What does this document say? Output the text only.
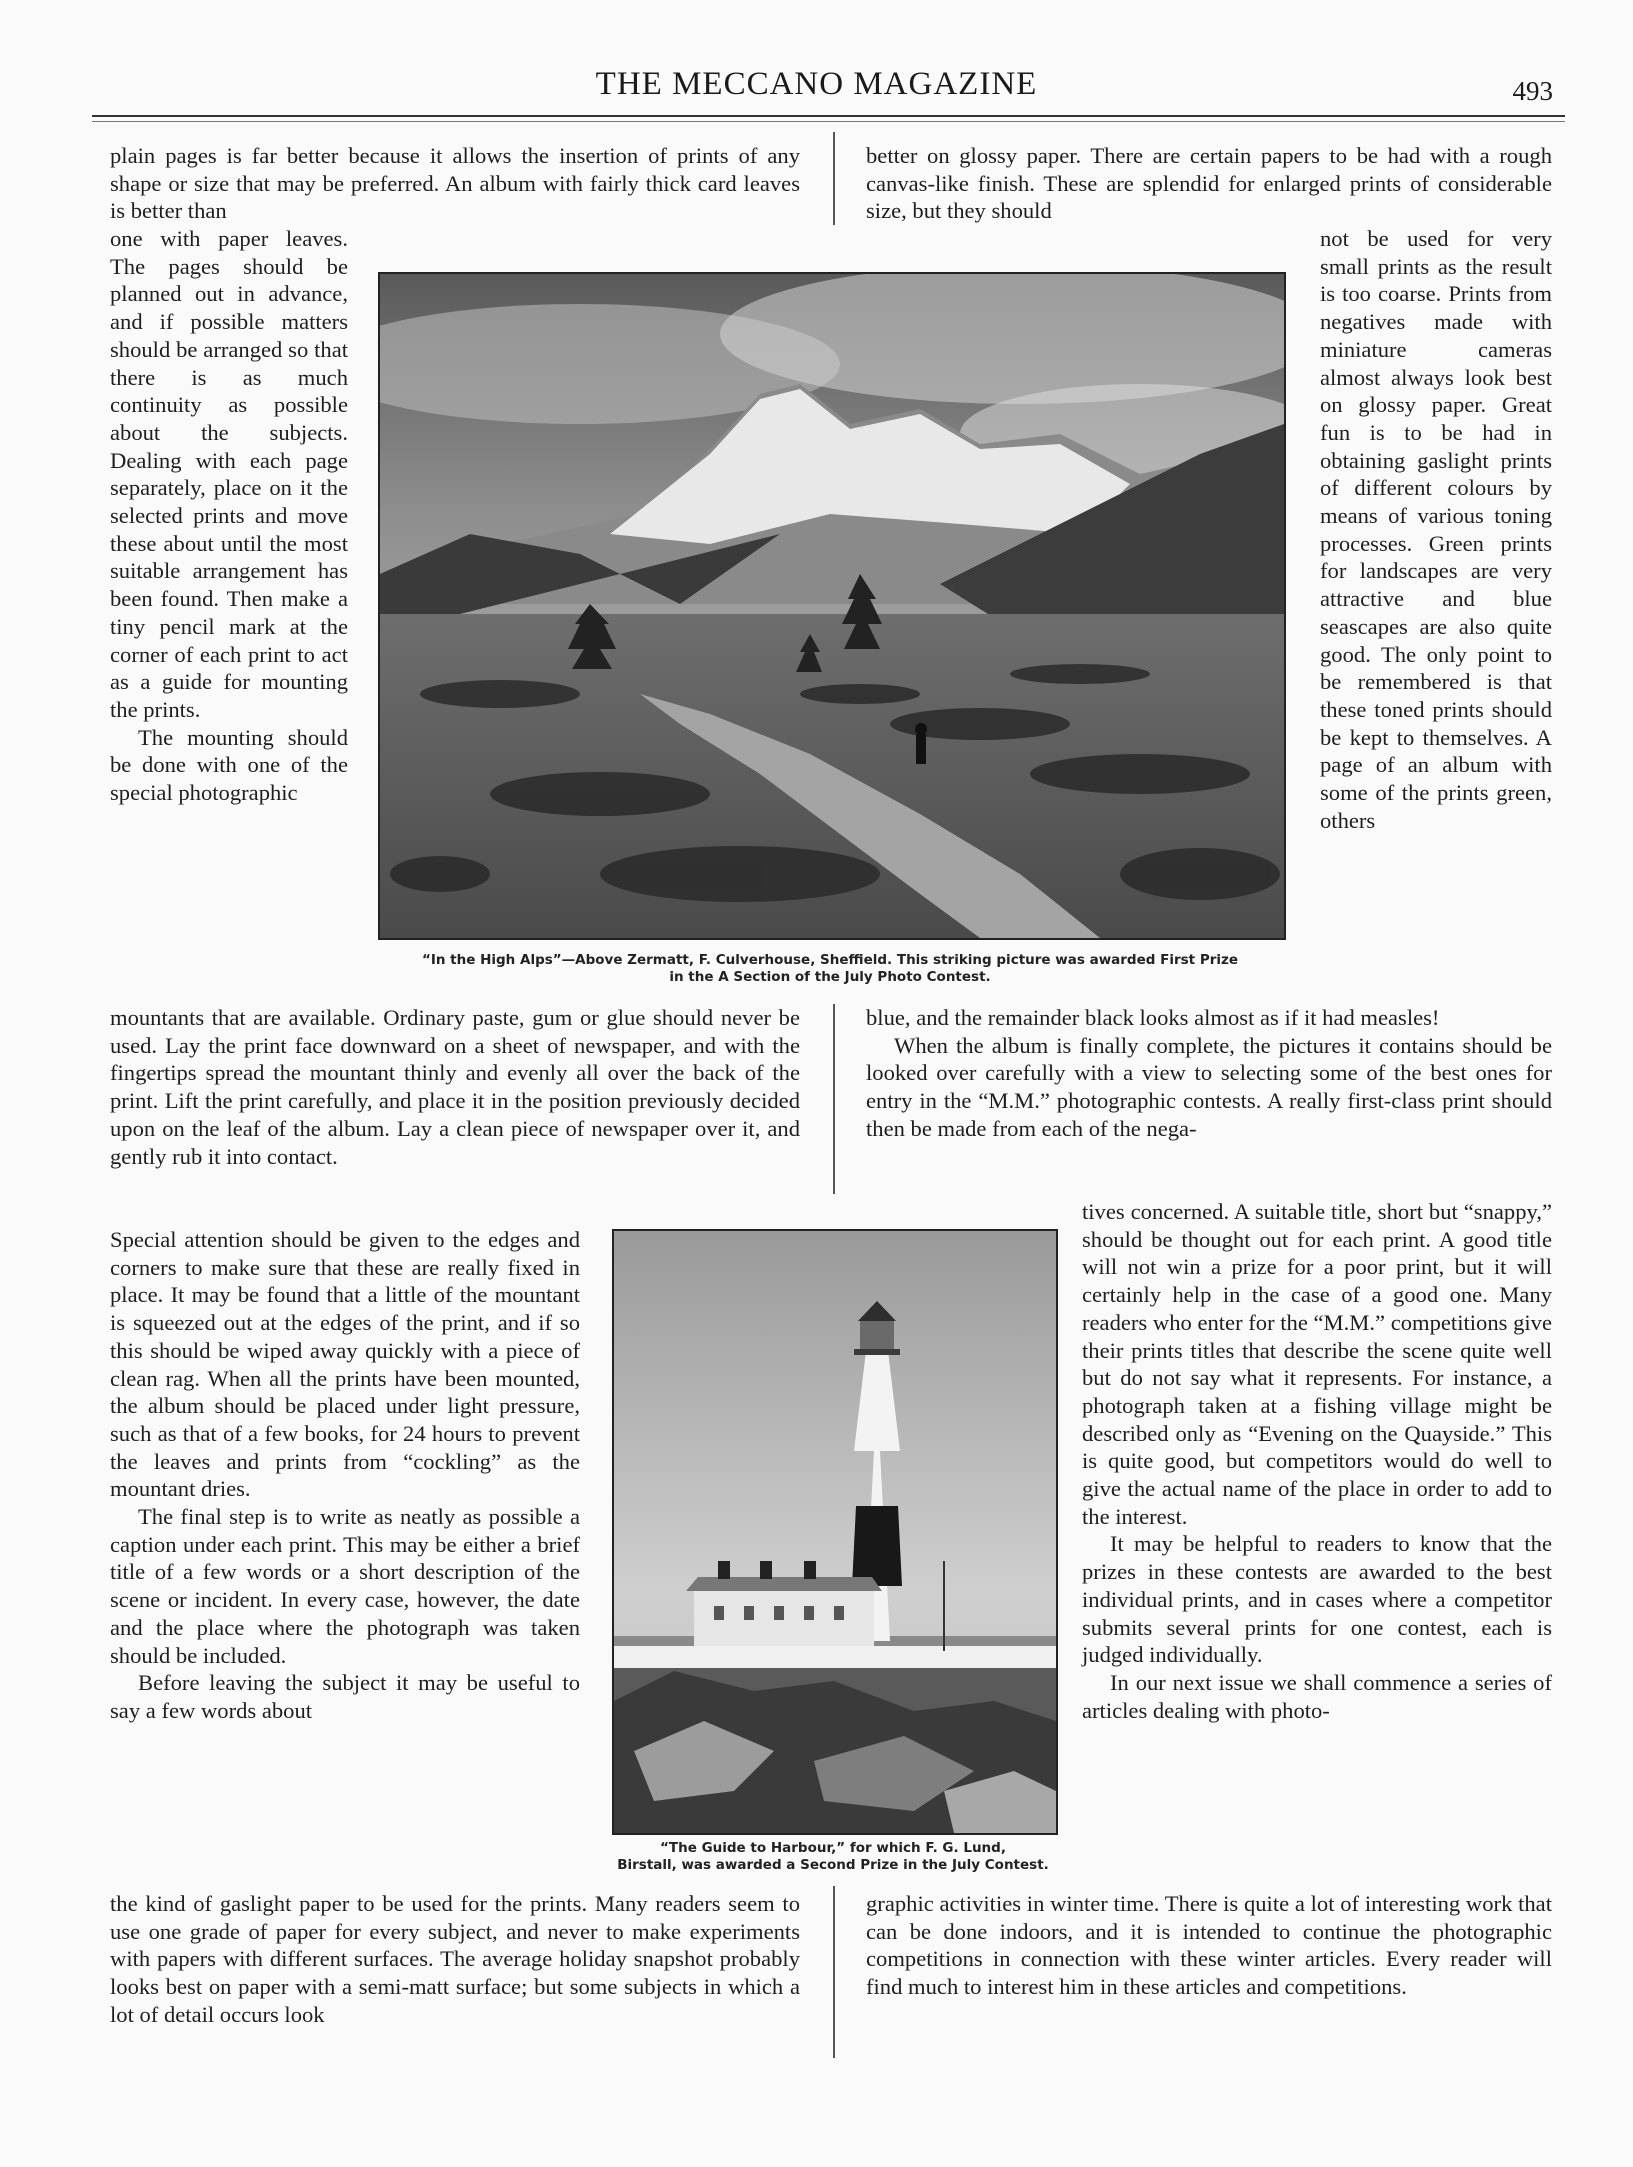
THE MECCANO MAGAZINE	493

plain pages is far better because it allows the insertion of prints of any shape or size that may be preferred. An album with fairly thick card leaves is better than

one with paper leaves. The pages should be planned out in advance, and if possible matters should be arranged so that there is as much continuity as possible about the subjects. Dealing with each page separately, place on it the selected prints and move these about until the most suitable arrangement has been found. Then make a tiny pencil mark at the corner of each print to act as a guide for mounting the prints.

The mounting should be done with one of the special photographic

mountants that are available. Ordinary paste, gum or glue should never be used. Lay the print face downward on a sheet of newspaper, and with the fingertips spread the mountant thinly and evenly all over the back of the print. Lift the print carefully, and place it in the position previously decided upon on the leaf of the album. Lay a clean piece of newspaper over it, and gently rub it into contact.

Special attention should be given to the edges and corners to make sure that these are really fixed in place. It may be found that a little of the mountant is squeezed out at the edges of the print, and if so this should be wiped away quickly with a piece of clean rag. When all the prints have been mounted, the album should be placed under light pressure, such as that of a few books, for 24 hours to prevent the leaves and prints from “cockling” as the mountant dries.

The final step is to write as neatly as possible a caption under each print. This may be either a brief title of a few words or a short description of the scene or incident. In every case, however, the date and the place where the photograph was taken should be included.

Before leaving the subject it may be useful to say a few words about

the kind of gaslight paper to be used for the prints. Many readers seem to use one grade of paper for every subject, and never to make experiments with papers with different surfaces. The average holiday snapshot probably looks best on paper with a semi-matt surface; but some subjects in which a lot of detail occurs look

better on glossy paper. There are certain papers to be had with a rough canvas-like finish. These are splendid for enlarged prints of considerable size, but they should

not be used for very small prints as the result is too coarse. Prints from negatives made with miniature cameras almost always look best on glossy paper. Great fun is to be had in obtaining gaslight prints of different colours by means of various toning processes. Green prints for landscapes are very attractive and blue seascapes are also quite good. The only point to be remembered is that these toned prints should be kept to themselves. A page of an album with some of the prints green, others

blue, and the remainder black looks almost as if it had measles!

When the album is finally complete, the pictures it contains should be looked over carefully with a view to selecting some of the best ones for entry in the “M.M.” photographic contests. A really first-class print should then be made from each of the nega-

tives concerned. A suitable title, short but “snappy,” should be thought out for each print. A good title will not win a prize for a poor print, but it will certainly help in the case of a good one. Many readers who enter for the “M.M.” competitions give their prints titles that describe the scene quite well but do not say what it represents. For instance, a photograph taken at a fishing village might be described only as “Evening on the Quayside.” This is quite good, but competitors would do well to give the actual name of the place in order to add to the interest.

It may be helpful to readers to know that the prizes in these contests are awarded to the best individual prints, and in cases where a competitor submits several prints for one contest, each is judged individually.

In our next issue we shall commence a series of articles dealing with photo-

graphic activities in winter time. There is quite a lot of interesting work that can be done indoors, and it is intended to continue the photographic competitions in connection with these winter articles. Every reader will find much to interest him in these articles and competitions.

“In the High Alps”—Above Zermatt, F. Culverhouse, Sheffield. This striking picture was awarded First Prize
in the A Section of the July Photo Contest.
“The Guide to Harbour,” for which F. G. Lund,
Birstall, was awarded a Second Prize in the July Contest.
